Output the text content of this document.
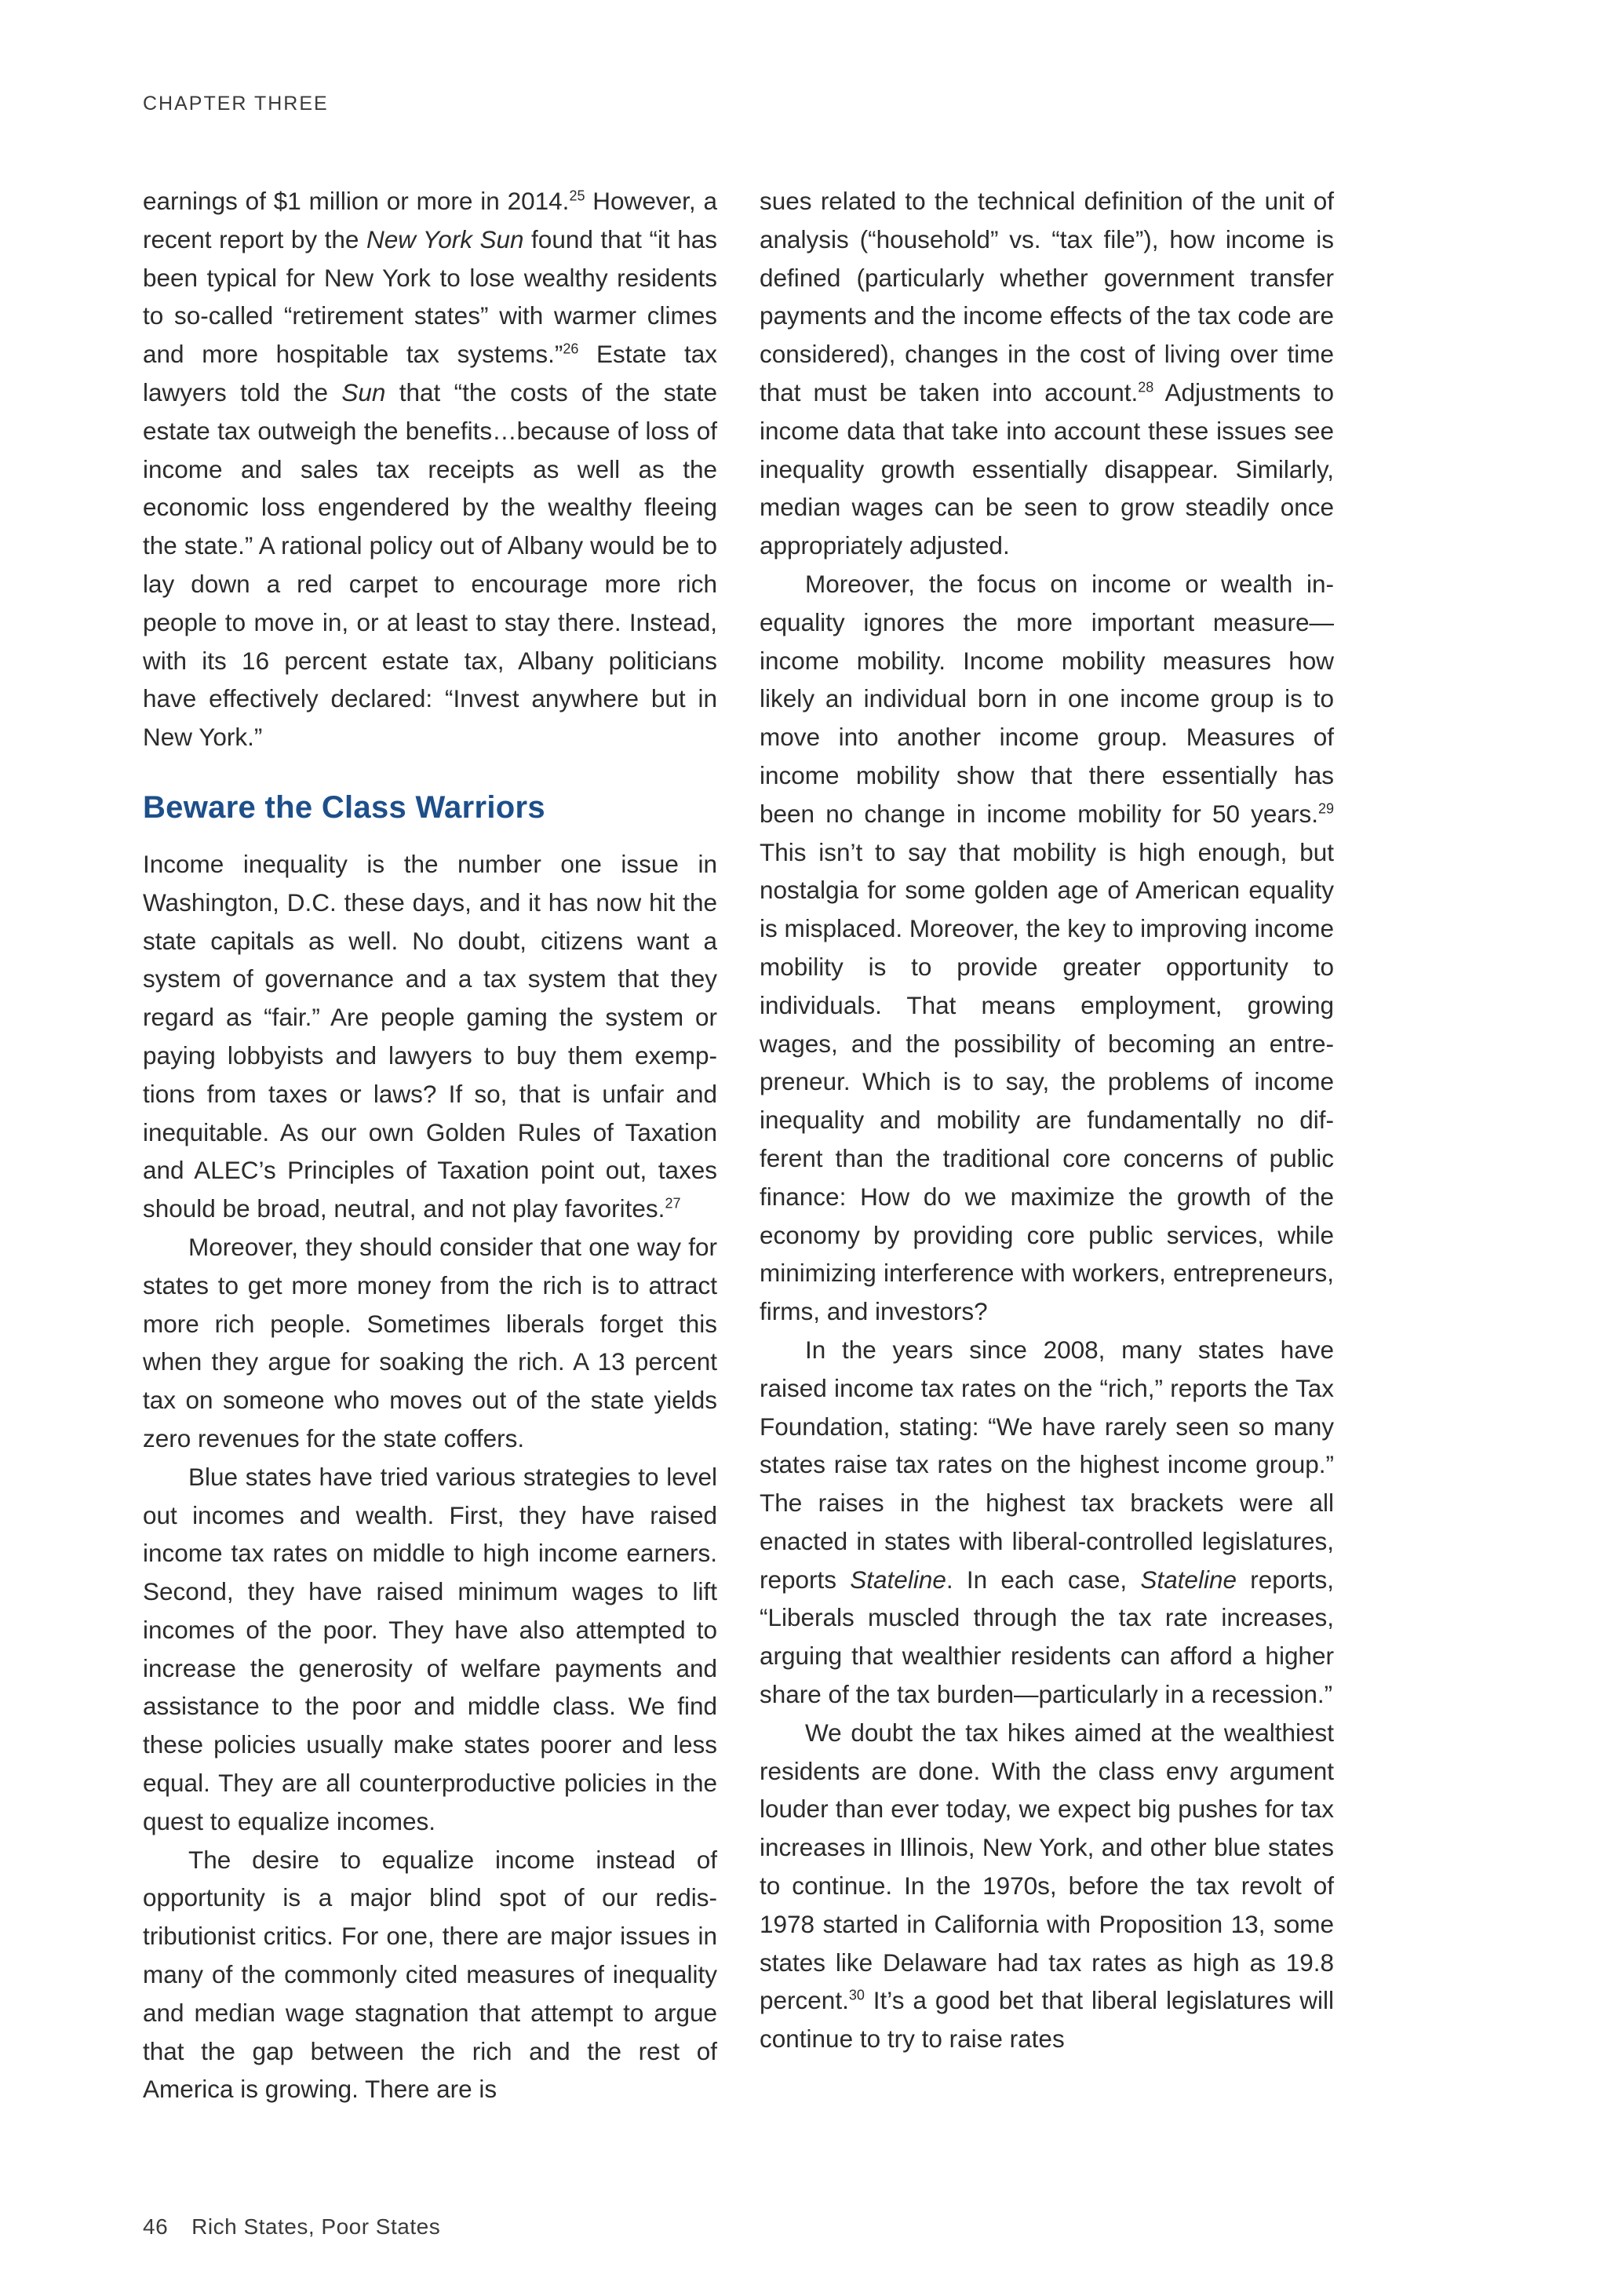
CHAPTER THREE

earnings of $1 million or more in 2014.25 However, a recent report by the New York Sun found that “it has been typical for New York to lose wealthy residents to so-called “retirement states” with warmer climes and more hospitable tax systems.”$^{26}$ Estate tax lawyers told the Sun that “the costs of the state estate tax outweigh the benefits…because of loss of income and sales tax receipts as well as the economic loss engendered by the wealthy fleeing the state.” A rational policy out of Albany would be to lay down a red carpet to encourage more rich people to move in, or at least to stay there. Instead, with its 16 percent estate tax, Albany politicians have effectively declared: “Invest anywhere but in New York.”

Beware the Class Warriors

Income inequality is the number one issue in Washington, D.C. these days, and it has now hit the state capitals as well. No doubt, citizens want a system of governance and a tax system that they regard as “fair.” Are people gaming the system or paying lobbyists and lawyers to buy them exemptions from taxes or laws? If so, that is unfair and inequitable. As our own Golden Rules of Taxation and ALEC’s Principles of Taxation point out, taxes should be broad, neutral, and not play favorites.$^{27}$

Moreover, they should consider that one way for states to get more money from the rich is to attract more rich people. Sometimes liberals forget this when they argue for soaking the rich. A 13 percent tax on someone who moves out of the state yields zero revenues for the state coffers.

Blue states have tried various strategies to level out incomes and wealth. First, they have raised income tax rates on middle to high income earners. Second, they have raised minimum wages to lift incomes of the poor. They have also attempted to increase the generosity of welfare payments and assistance to the poor and middle class. We find these policies usually make states poorer and less equal. They are all counterproductive policies in the quest to equalize incomes.

The desire to equalize income instead of opportunity is a major blind spot of our redistributionist critics. For one, there are major issues in many of the commonly cited measures of inequality and median wage stagnation that attempt to argue that the gap between the rich and the rest of America is growing. There are is

sues related to the technical definition of the unit of analysis (“household” vs. “tax file”), how income is defined (particularly whether government transfer payments and the income effects of the tax code are considered), changes in the cost of living over time that must be taken into account.$^{28}$ Adjustments to income data that take into account these issues see inequality growth essentially disappear. Similarly, median wages can be seen to grow steadily once appropriately adjusted.

Moreover, the focus on income or wealth inequality ignores the more important measure—income mobility. Income mobility measures how likely an individual born in one income group is to move into another income group. Measures of income mobility show that there essentially has been no change in income mobility for 50 years.$^{29}$ This isn’t to say that mobility is high enough, but nostalgia for some golden age of American equality is misplaced. Moreover, the key to improving income mobility is to provide greater opportunity to individuals. That means employment, growing wages, and the possibility of becoming an entrepreneur. Which is to say, the problems of income inequality and mobility are fundamentally no different than the traditional core concerns of public finance: How do we maximize the growth of the economy by providing core public services, while minimizing interference with workers, entrepreneurs, firms, and investors?

In the years since 2008, many states have raised income tax rates on the “rich,” reports the Tax Foundation, stating: “We have rarely seen so many states raise tax rates on the highest income group.” The raises in the highest tax brackets were all enacted in states with liberal-controlled legislatures, reports Stateline. In each case, Stateline reports, “Liberals muscled through the tax rate increases, arguing that wealthier residents can afford a higher share of the tax burden—particularly in a recession.”

We doubt the tax hikes aimed at the wealthiest residents are done. With the class envy argument louder than ever today, we expect big pushes for tax increases in Illinois, New York, and other blue states to continue. In the 1970s, before the tax revolt of 1978 started in California with Proposition 13, some states like Delaware had tax rates as high as 19.8 percent.$^{30}$ It’s a good bet that liberal legislatures will continue to try to raise rates

46 Rich States, Poor States
